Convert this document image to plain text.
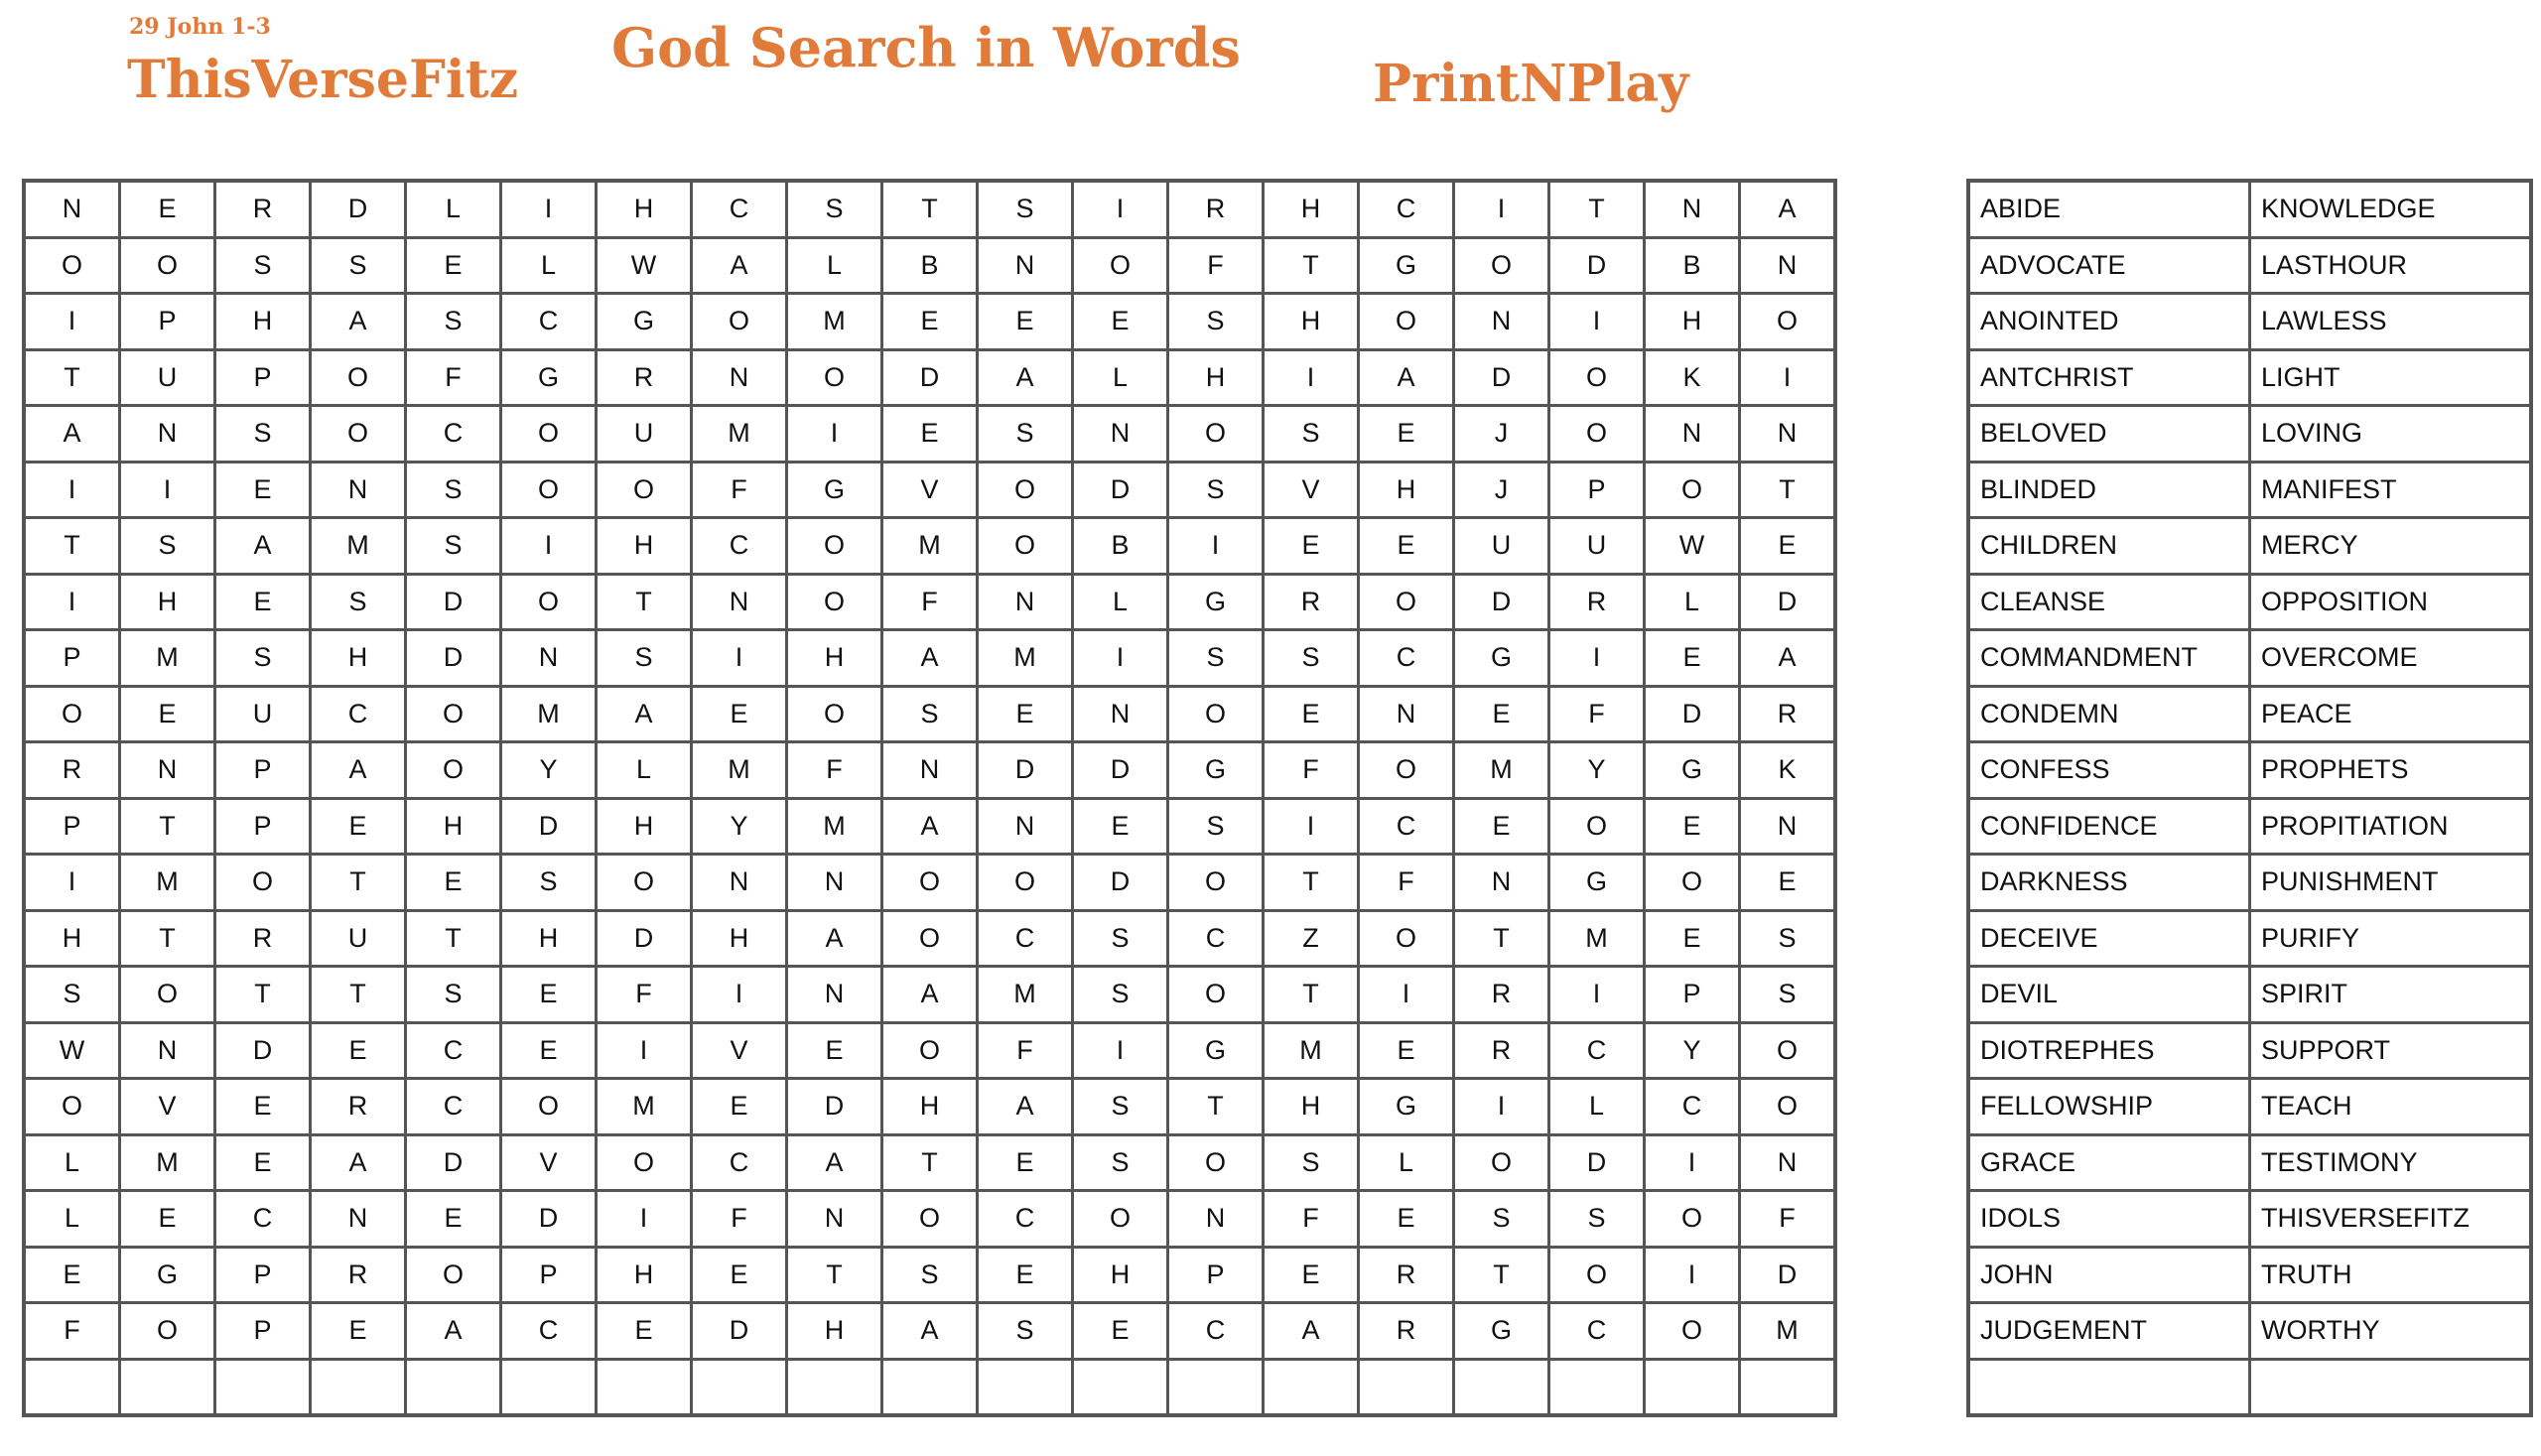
29 John 1-3
ThisVerseFitz
God Search in Words
PrintNPlay
N	E	R	D	L	I	H	C	S	T	S	I	R	H	C	I	T	N	A
O	O	S	S	E	L	W	A	L	B	N	O	F	T	G	O	D	B	N
I	P	H	A	S	C	G	O	M	E	E	E	S	H	O	N	I	H	O
T	U	P	O	F	G	R	N	O	D	A	L	H	I	A	D	O	K	I
A	N	S	O	C	O	U	M	I	E	S	N	O	S	E	J	O	N	N
I	I	E	N	S	O	O	F	G	V	O	D	S	V	H	J	P	O	T
T	S	A	M	S	I	H	C	O	M	O	B	I	E	E	U	U	W	E
I	H	E	S	D	O	T	N	O	F	N	L	G	R	O	D	R	L	D
P	M	S	H	D	N	S	I	H	A	M	I	S	S	C	G	I	E	A
O	E	U	C	O	M	A	E	O	S	E	N	O	E	N	E	F	D	R
R	N	P	A	O	Y	L	M	F	N	D	D	G	F	O	M	Y	G	K
P	T	P	E	H	D	H	Y	M	A	N	E	S	I	C	E	O	E	N
I	M	O	T	E	S	O	N	N	O	O	D	O	T	F	N	G	O	E
H	T	R	U	T	H	D	H	A	O	C	S	C	Z	O	T	M	E	S
S	O	T	T	S	E	F	I	N	A	M	S	O	T	I	R	I	P	S
W	N	D	E	C	E	I	V	E	O	F	I	G	M	E	R	C	Y	O
O	V	E	R	C	O	M	E	D	H	A	S	T	H	G	I	L	C	O
L	M	E	A	D	V	O	C	A	T	E	S	O	S	L	O	D	I	N
L	E	C	N	E	D	I	F	N	O	C	O	N	F	E	S	S	O	F
E	G	P	R	O	P	H	E	T	S	E	H	P	E	R	T	O	I	D
F	O	P	E	A	C	E	D	H	A	S	E	C	A	R	G	C	O	M

ABIDE	KNOWLEDGE
ADVOCATE	LASTHOUR
ANOINTED	LAWLESS
ANTCHRIST	LIGHT
BELOVED	LOVING
BLINDED	MANIFEST
CHILDREN	MERCY
CLEANSE	OPPOSITION
COMMANDMENT	OVERCOME
CONDEMN	PEACE
CONFESS	PROPHETS
CONFIDENCE	PROPITIATION
DARKNESS	PUNISHMENT
DECEIVE	PURIFY
DEVIL	SPIRIT
DIOTREPHES	SUPPORT
FELLOWSHIP	TEACH
GRACE	TESTIMONY
IDOLS	THISVERSEFITZ
JOHN	TRUTH
JUDGEMENT	WORTHY
